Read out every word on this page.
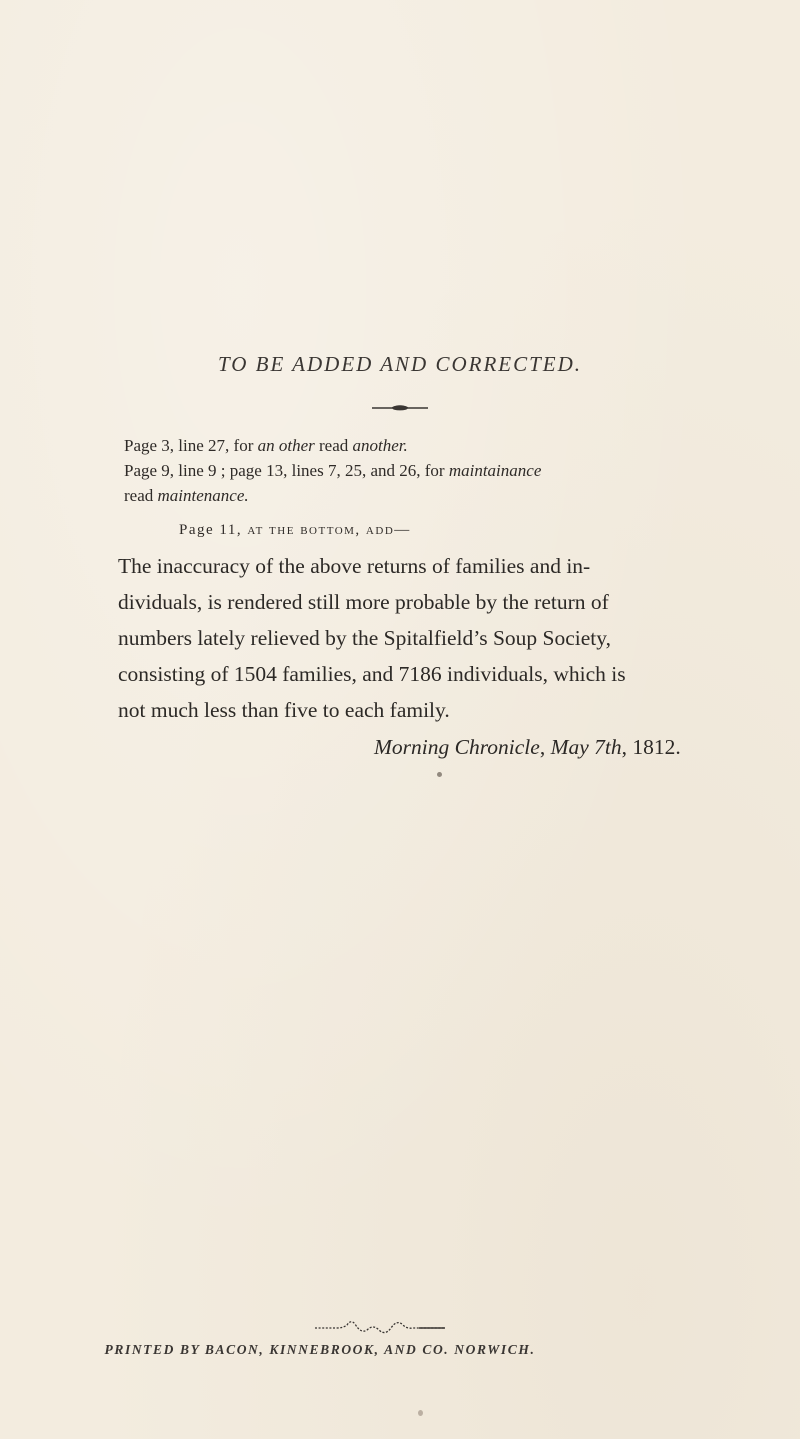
TO BE ADDED AND CORRECTED.

Page 3, line 27, for an other read another.

Page 9, line 9 ; page 13, lines 7, 25, and 26, for maintainance

read maintenance.

Page 11, at the bottom, add—

The inaccuracy of the above returns of families and in-

dividuals, is rendered still more probable by the return of

numbers lately relieved by the Spitalfield’s Soup Society,

consisting of 1504 families, and 7186 individuals, which is

not much less than five to each family.

Morning Chronicle, May 7th, 1812.

PRINTED BY BACON, KINNEBROOK, AND CO. NORWICH.
